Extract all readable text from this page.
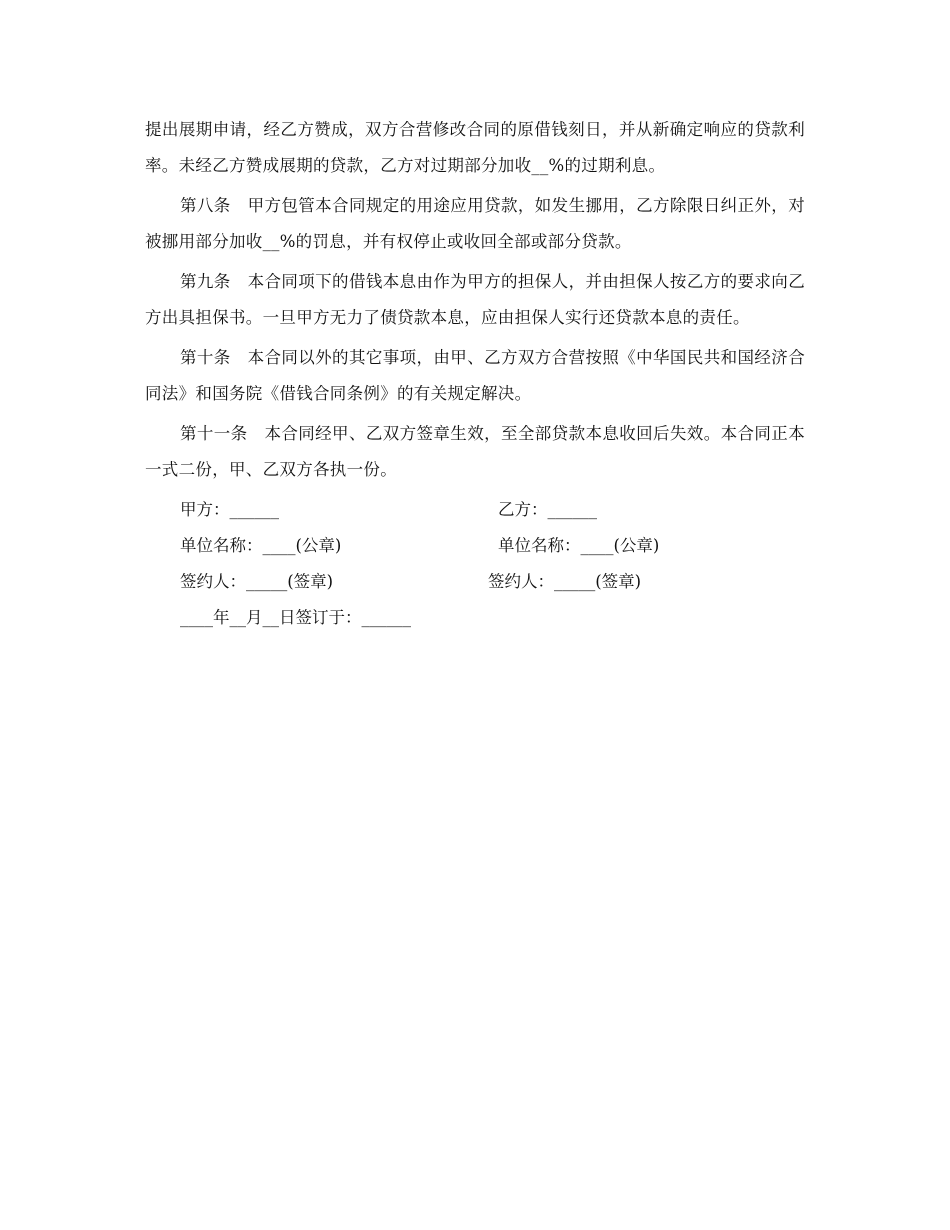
提出展期申请，经乙方赞成，双方合营修改合同的原借钱刻日，并从新确定响应的贷款利率。未经乙方赞成展期的贷款，乙方对过期部分加收__%的过期利息。

第八条　甲方包管本合同规定的用途应用贷款，如发生挪用，乙方除限日纠正外，对被挪用部分加收__%的罚息，并有权停止或收回全部或部分贷款。

第九条　本合同项下的借钱本息由作为甲方的担保人，并由担保人按乙方的要求向乙方出具担保书。一旦甲方无力了债贷款本息，应由担保人实行还贷款本息的责任。

第十条　本合同以外的其它事项，由甲、乙方双方合营按照《中华国民共和国经济合同法》和国务院《借钱合同条例》的有关规定解决。

第十一条　本合同经甲、乙双方签章生效，至全部贷款本息收回后失效。本合同正本一式二份，甲、乙双方各执一份。

甲方：______	乙方：______
单位名称：____(公章)	单位名称：____(公章)
签约人：_____(签章)	签约人：_____(签章)
____年__月__日签订于：______
